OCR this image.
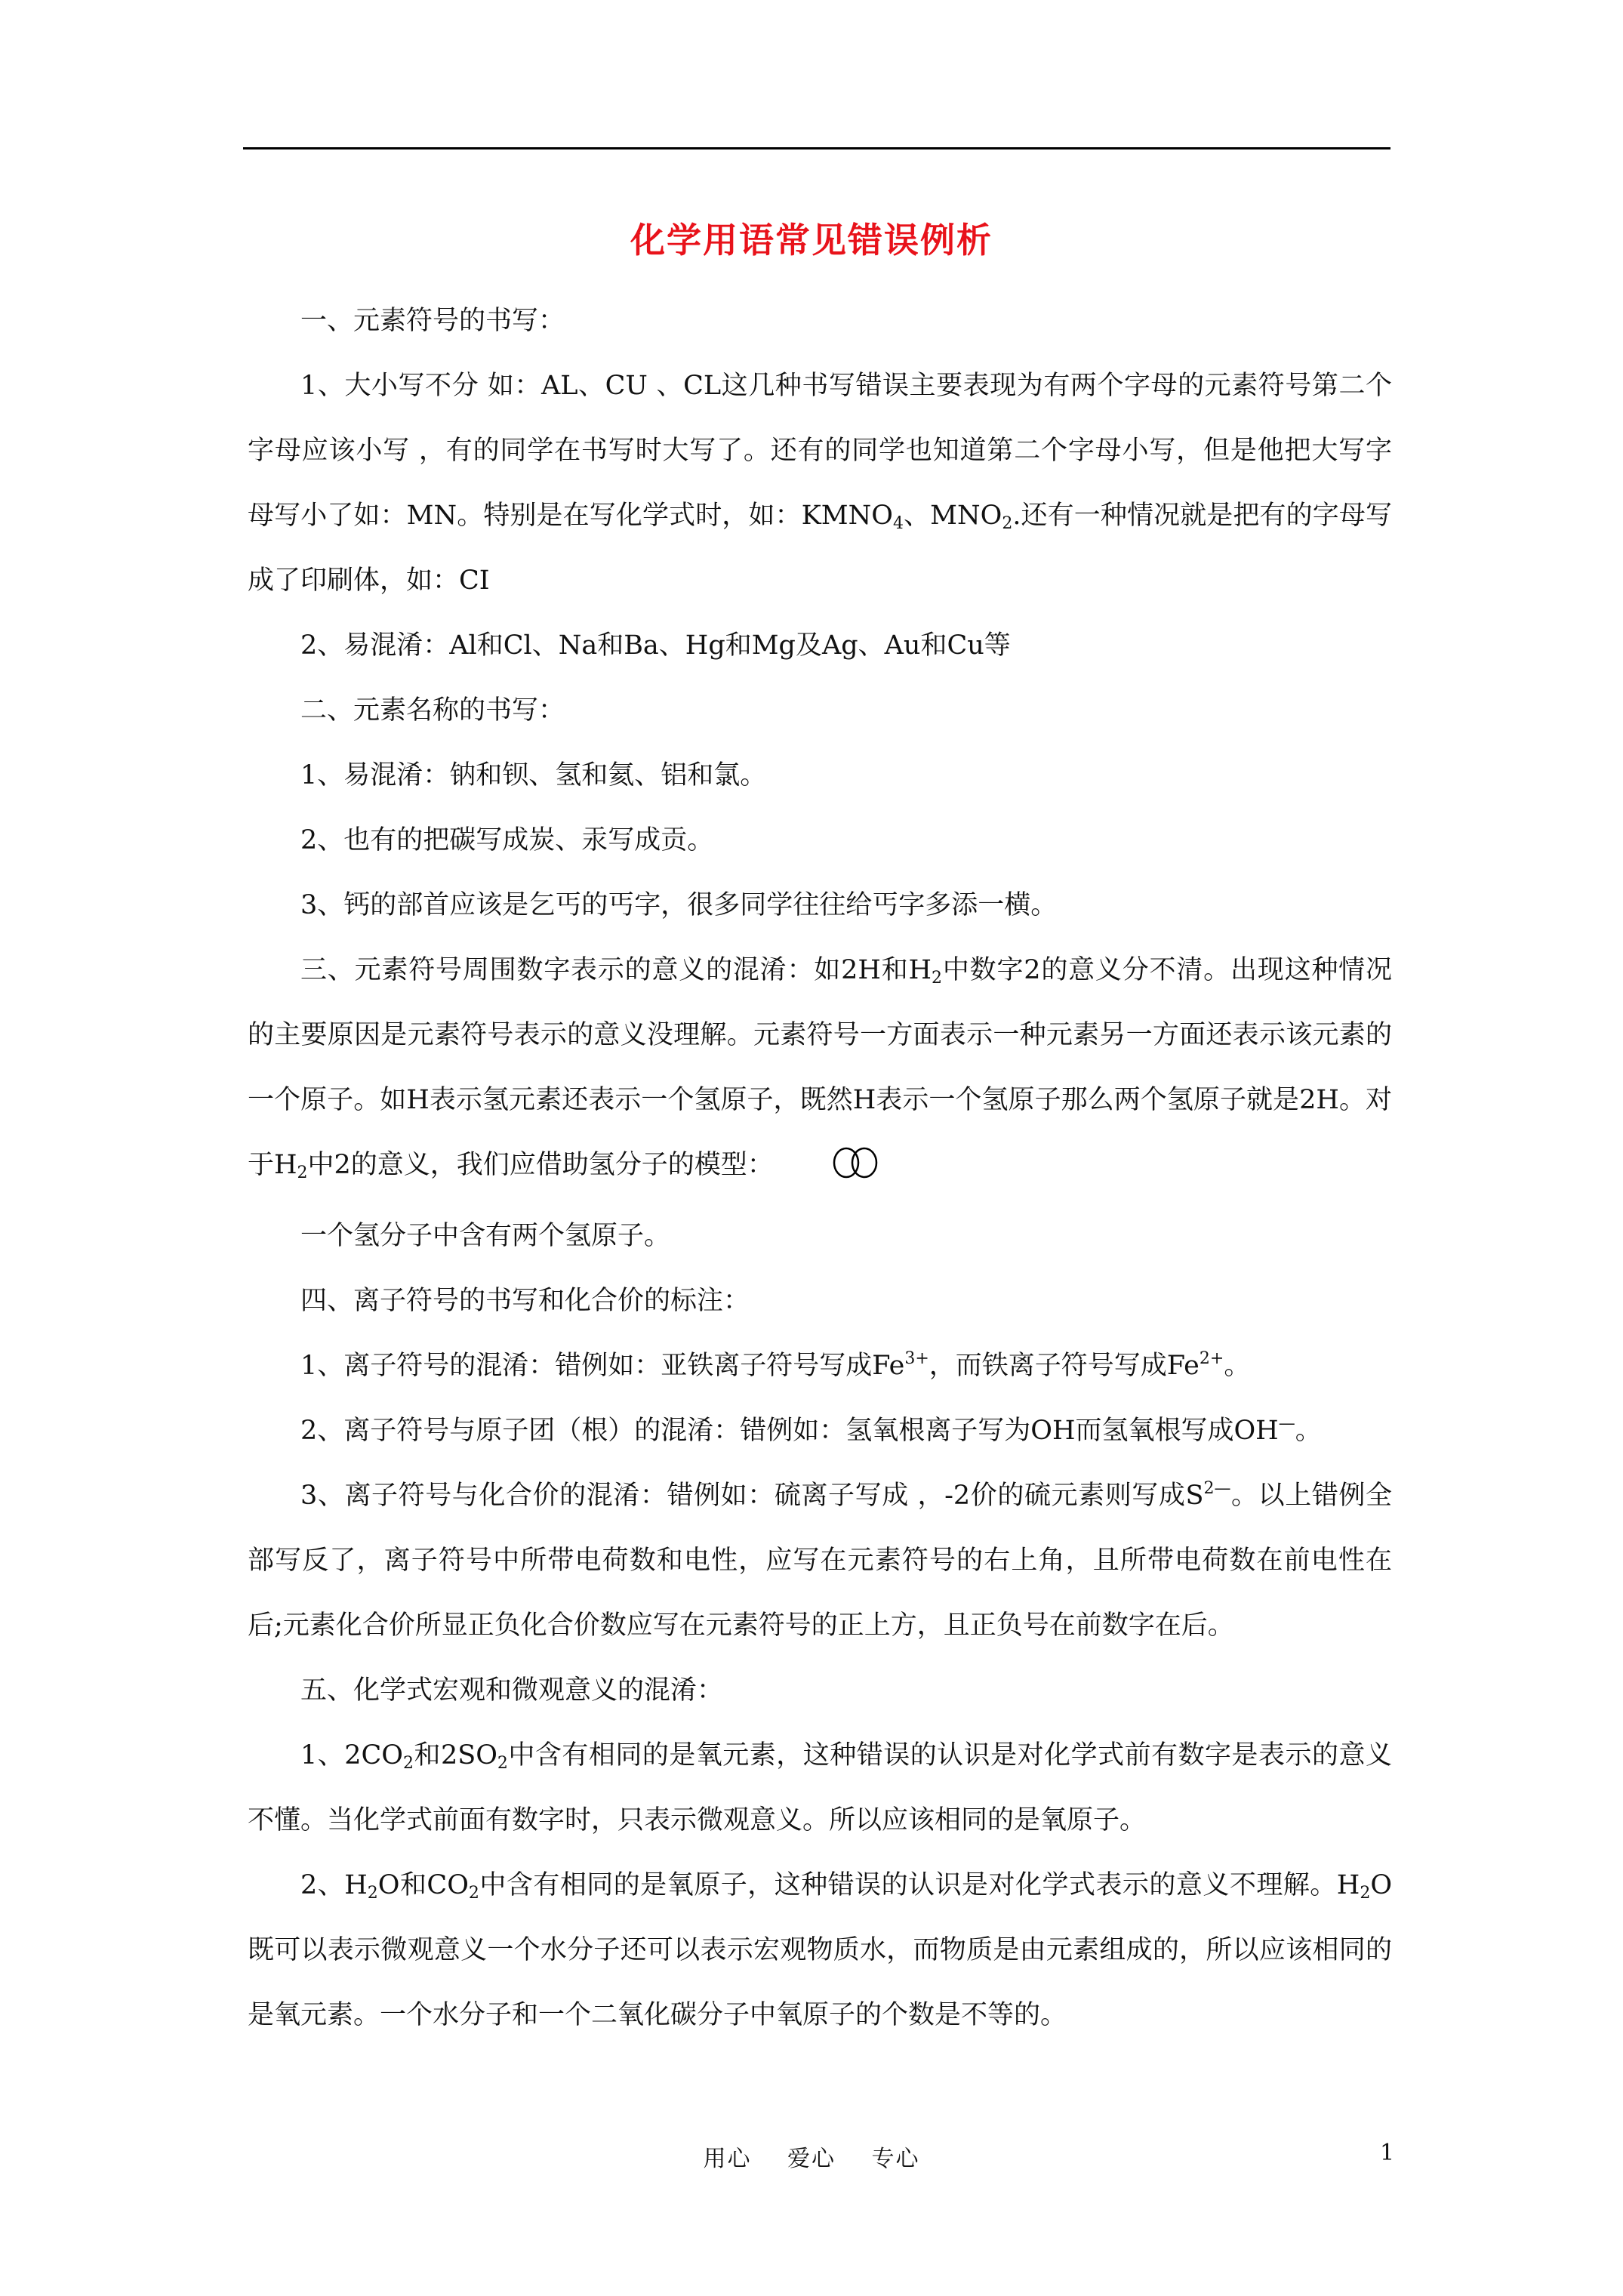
化学用语常见错误例析

一、元素符号的书写：

1、大小写不分 如：AL、CU 、CL这几种书写错误主要表现为有两个字母的元素符号第二个字母应该小写 ，有的同学在书写时大写了。还有的同学也知道第二个字母小写，但是他把大写字母写小了如：MN。特别是在写化学式时，如：$KMNO_4$、$MNO_2$.还有一种情况就是把有的字母写成了印刷体，如：CI

2、易混淆：Al和Cl、Na和Ba、Hg和Mg及Ag、Au和Cu等

二、元素名称的书写：

1、易混淆：钠和钡、氢和氦、铝和氯。

2、也有的把碳写成炭、汞写成贡。

3、钙的部首应该是乞丐的丐字，很多同学往往给丐字多添一横。

三、元素符号周围数字表示的意义的混淆：如2H和$H_2$中数字2的意义分不清。出现这种情况的主要原因是元素符号表示的意义没理解。元素符号一方面表示一种元素另一方面还表示该元素的一个原子。如H表示氢元素还表示一个氢原子，既然H表示一个氢原子那么两个氢原子就是2H。对于$H_2$中2的意义，我们应借助氢分子的模型：

一个氢分子中含有两个氢原子。

四、离子符号的书写和化合价的标注：

1、离子符号的混淆：错例如：亚铁离子符号写成$Fe^{3+}$，而铁离子符号写成$Fe^{2+}$。

2、离子符号与原子团（根）的混淆：错例如：氢氧根离子写为OH而氢氧根写成OH—。

3、离子符号与化合价的混淆：错例如：硫离子写成 ，-2价的硫元素则写成$S^{2—}$。以上错例全部写反了，离子符号中所带电荷数和电性，应写在元素符号的右上角，且所带电荷数在前电性在后;元素化合价所显正负化合价数应写在元素符号的正上方，且正负号在前数字在后。

五、化学式宏观和微观意义的混淆：

1、$2CO_2$和$2SO_2$中含有相同的是氧元素，这种错误的认识是对化学式前有数字是表示的意义不懂。当化学式前面有数字时，只表示微观意义。所以应该相同的是氧原子。

2、$H_2O$和$CO_2$中含有相同的是氧原子，这种错误的认识是对化学式表示的意义不理解。$H_2O$既可以表示微观意义一个水分子还可以表示宏观物质水，而物质是由元素组成的，所以应该相同的是氧元素。一个水分子和一个二氧化碳分子中氧原子的个数是不等的。

用心 爱心 专心	1
